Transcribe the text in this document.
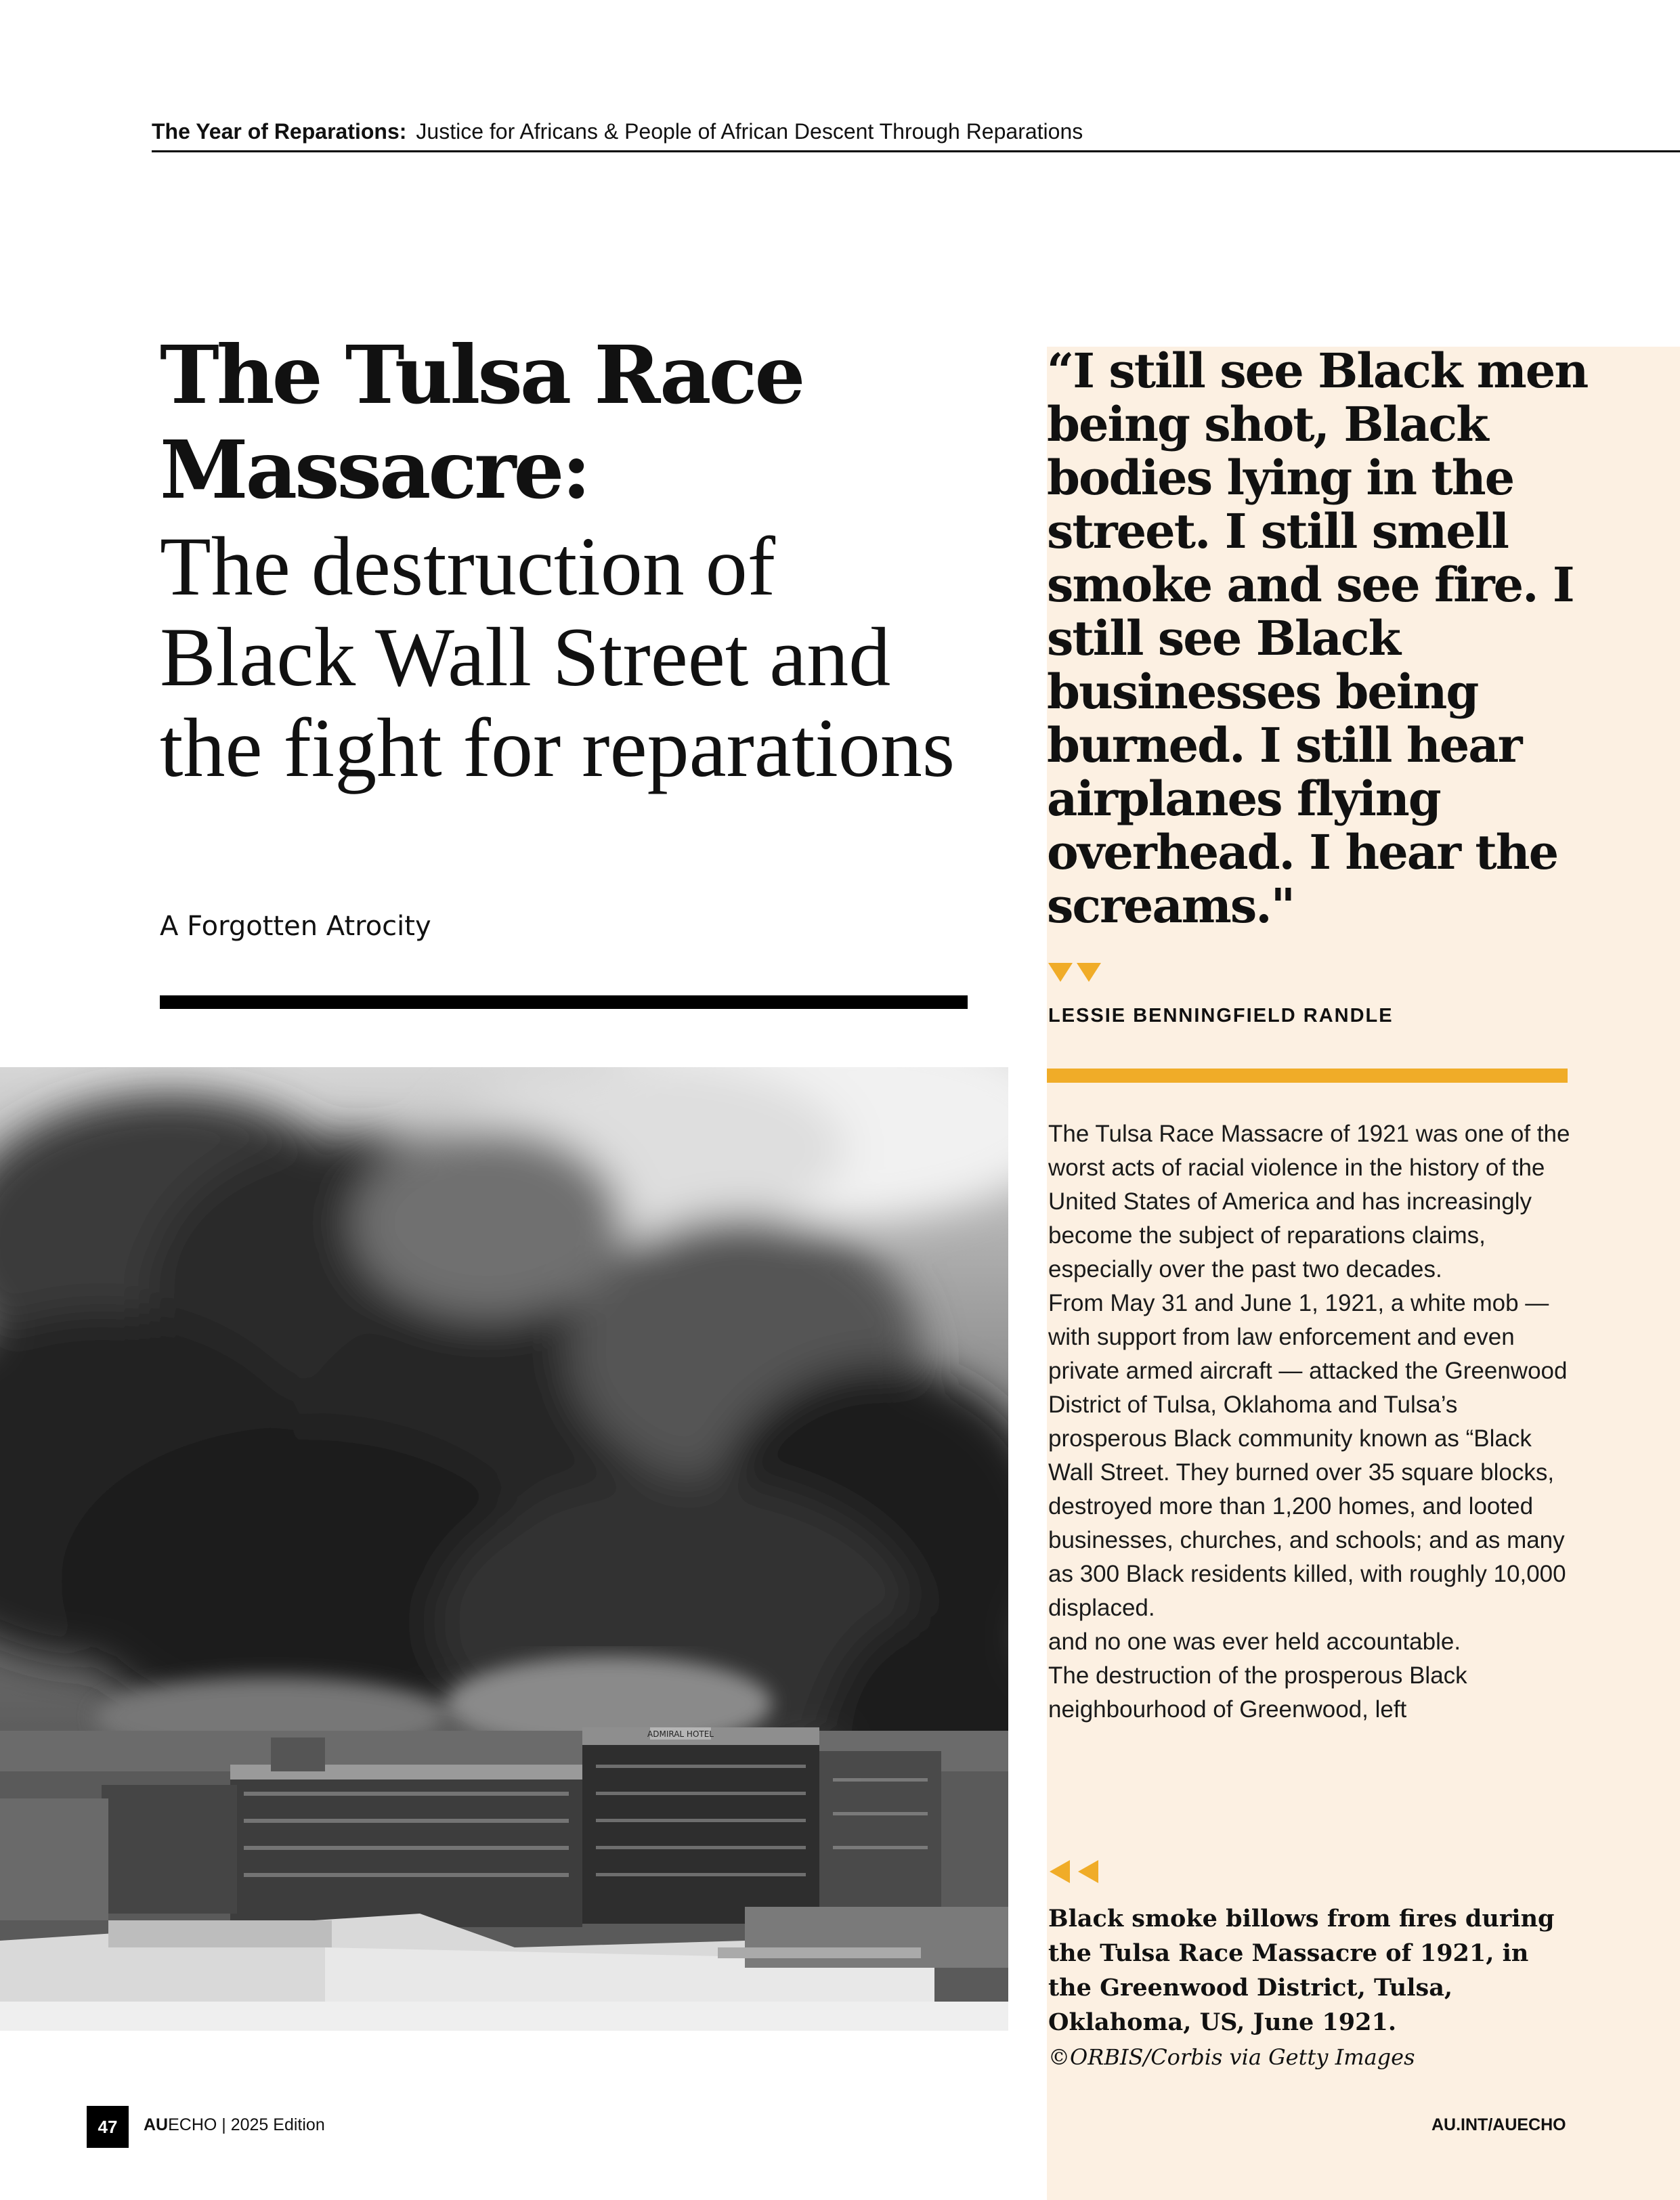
The Year of Reparations: Justice for Africans & People of African Descent Through Reparations
The Tulsa Race Massacre:
The destruction of Black Wall Street and the fight for reparations
A Forgotten Atrocity
“I still see Black men being shot, Black bodies lying in the street. I still smell smoke and see fire. I still see Black businesses being burned. I still hear airplanes flying overhead. I hear the screams."
LESSIE BENNINGFIELD RANDLE

The Tulsa Race Massacre of 1921 was one of the worst acts of racial violence in the history of the United States of America and has increasingly become the subject of reparations claims, especially over the past two decades.

From May 31 and June 1, 1921, a white mob — with support from law enforcement and even private armed aircraft — attacked the Greenwood District of Tulsa, Oklahoma and Tulsa’s prosperous Black community known as “Black Wall Street. They burned over 35 square blocks, destroyed more than 1,200 homes, and looted businesses, churches, and schools; and as many as 300 Black residents killed, with roughly 10,000 displaced.

and no one was ever held accountable.

The destruction of the prosperous Black neighbourhood of Greenwood, left

ADMIRAL HOTEL

Black smoke billows from fires during the Tulsa Race Massacre of 1921, in the Greenwood District, Tulsa, Oklahoma, US, June 1921. ©ORBIS/Corbis via Getty Images

47	AUECHO | 2025 Edition	AU.INT/AUECHO
